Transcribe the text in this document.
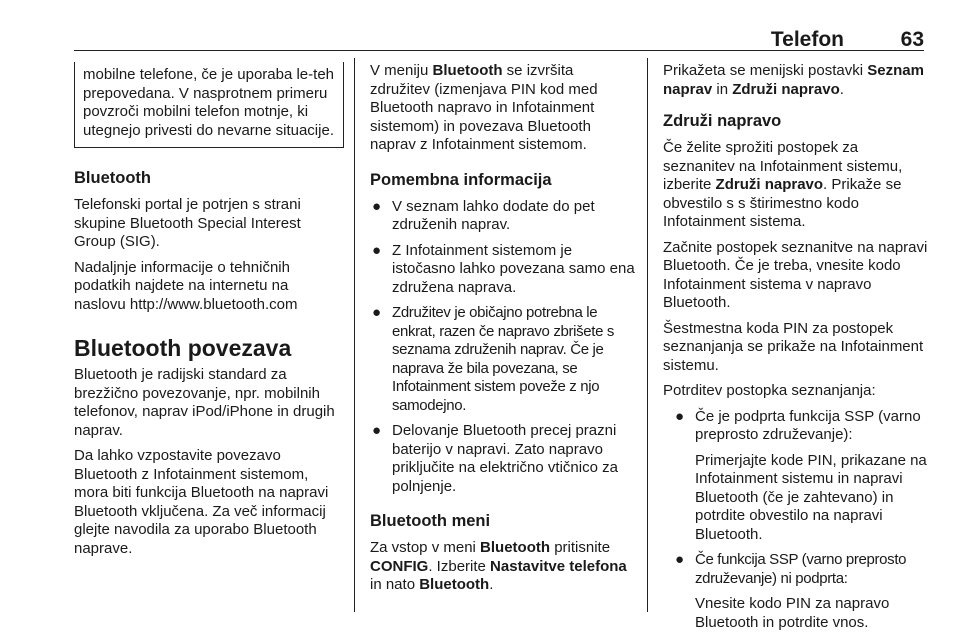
Telefon	63

mobilne telefone, če je uporaba le-teh prepovedana. V nasprotnem primeru povzroči mobilni telefon motnje, ki utegnejo privesti do nevarne situacije.

Bluetooth

Telefonski portal je potrjen s strani skupine Bluetooth Special Interest Group (SIG).

Nadaljnje informacije o tehničnih podatkih najdete na internetu na naslovu http://www.bluetooth.com

Bluetooth povezava

Bluetooth je radijski standard za brezžično povezovanje, npr. mobilnih telefonov, naprav iPod/iPhone in drugih naprav.

Da lahko vzpostavite povezavo Bluetooth z Infotainment sistemom, mora biti funkcija Bluetooth na napravi Bluetooth vključena. Za več informacij glejte navodila za uporabo Bluetooth naprave.

V meniju Bluetooth se izvršita združitev (izmenjava PIN kod med Bluetooth napravo in Infotainment sistemom) in povezava Bluetooth naprav z Infotainment sistemom.

Pomembna informacija
● V seznam lahko dodate do pet združenih naprav.
● Z Infotainment sistemom je istočasno lahko povezana samo ena združena naprava.
● Združitev je običajno potrebna le enkrat, razen če napravo zbrišete s seznama združenih naprav. Če je naprava že bila povezana, se Infotainment sistem poveže z njo samodejno.
● Delovanje Bluetooth precej prazni baterijo v napravi. Zato napravo priključite na električno vtičnico za polnjenje.
Bluetooth meni

Za vstop v meni Bluetooth pritisnite CONFIG. Izberite Nastavitve telefona in nato Bluetooth.

Prikažeta se menijski postavki Seznam naprav in Združi napravo.

Združi napravo

Če želite sprožiti postopek za seznanitev na Infotainment sistemu, izberite Združi napravo. Prikaže se obvestilo s s štirimestno kodo Infotainment sistema.

Začnite postopek seznanitve na napravi Bluetooth. Če je treba, vnesite kodo Infotainment sistema v napravo Bluetooth.

Šestmestna koda PIN za postopek seznanjanja se prikaže na Infotainment sistemu.

Potrditev postopka seznanjanja:

● Če je podprta funkcija SSP (varno preprosto združevanje):

Primerjajte kode PIN, prikazane na Infotainment sistemu in napravi Bluetooth (če je zahtevano) in potrdite obvestilo na napravi Bluetooth.

● Če funkcija SSP (varno preprosto združevanje) ni podprta:

Vnesite kodo PIN za napravo Bluetooth in potrdite vnos.
